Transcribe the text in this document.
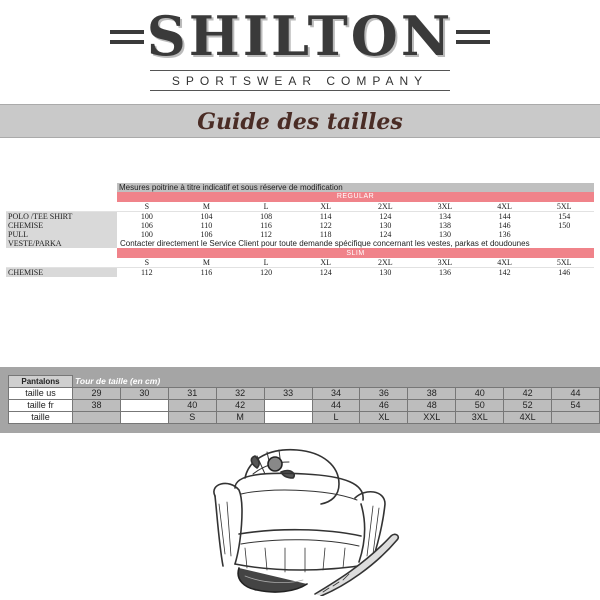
SHILTON
SPORTSWEAR COMPANY
Guide des tailles
	Mesures poitrine à titre indicatif et sous réserve de modification							
	REGULAR							
	S	M	L	XL	2XL	3XL	4XL	5XL
POLO /TEE SHIRT	100	104	108	114	124	134	144	154
CHEMISE	106	110	116	122	130	138	146	150
PULL	100	106	112	118	124	130	136	
VESTE/PARKA	Contacter directement le Service Client pour toute demande spécifique concernant les vestes, parkas et doudounes							
	SLIM							
	S	M	L	XL	2XL	3XL	4XL	5XL
CHEMISE	112	116	120	124	130	136	142	146
Pantalons	Tour de taille (en cm)										
taille us	29	30	31	32	33	34	36	38	40	42	44
taille fr	38		40	42		44	46	48	50	52	54
taille			S	M		L	XL	XXL	3XL	4XL	
